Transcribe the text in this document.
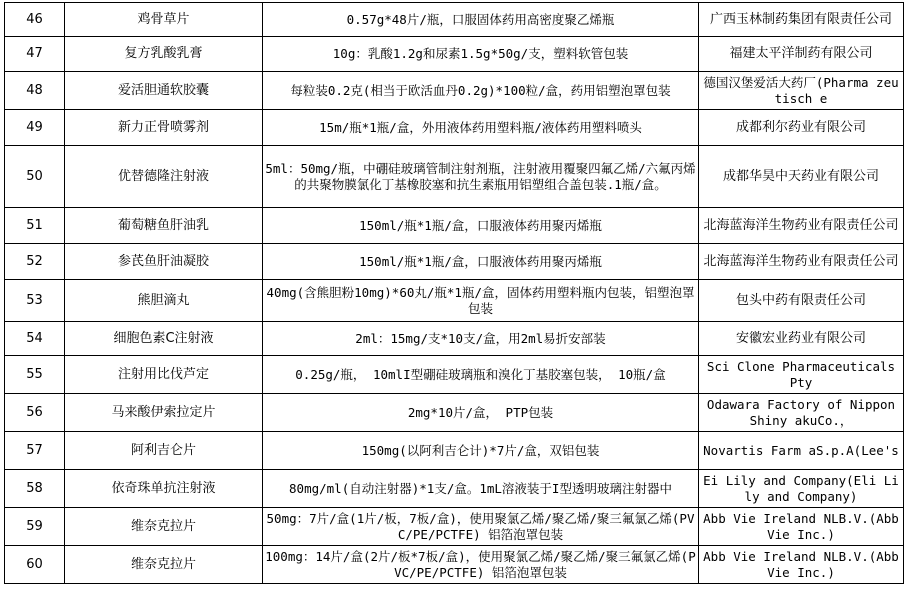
46	鸡骨草片	0.57g*48片/瓶，口服固体药用高密度聚乙烯瓶	广西玉林制药集团有限责任公司
47	复方乳酸乳膏	10g：乳酸1.2g和尿素1.5g*50g/支，塑料软管包装	福建太平洋制药有限公司
48	爱活胆通软胶囊	每粒装0.2克(相当于欧活血丹0.2g)*100粒/盒，药用铝塑泡罩包装	德国汉堡爱活大药厂(Pharma zeu tisch e
49	新力正骨喷雾剂	15m/瓶*1瓶/盒，外用液体药用塑料瓶/液体药用塑料喷头	成都利尔药业有限公司
50	优替德隆注射液	5ml：50mg/瓶，中硼硅玻璃管制注射剂瓶，注射液用覆聚四氟乙烯/六氟丙烯的共聚物膜氯化丁基橡胶塞和抗生素瓶用铝塑组合盖包装.1瓶/盒。	成都华昊中天药业有限公司
51	葡萄糖鱼肝油乳	150ml/瓶*1瓶/盒，口服液体药用聚丙烯瓶	北海蓝海洋生物药业有限责任公司
52	参芪鱼肝油凝胶	150ml/瓶*1瓶/盒，口服液体药用聚丙烯瓶	北海蓝海洋生物药业有限责任公司
53	熊胆滴丸	40mg(含熊胆粉10mg)*60丸/瓶*1瓶/盒，固体药用塑料瓶内包装，铝塑泡罩包装	包头中药有限责任公司
54	细胞色素C注射液	2ml：15mg/支*10支/盒，用2ml易折安部装	安徽宏业药业有限公司
55	注射用比伐芦定	0.25g/瓶， 10mlI型硼硅玻璃瓶和溴化丁基胶塞包装， 10瓶/盒	Sci Clone Pharmaceuticals Pty
56	马来酸伊索拉定片	2mg*10片/盒， PTP包装	Odawara Factory of Nippon Shiny akuCo.，
57	阿利吉仑片	150mg(以阿利吉仑计)*7片/盒，双铝包装	Novartis Farm aS.p.A(Lee's
58	依奇珠单抗注射液	80mg/ml(自动注射器)*1支/盒。1mL溶液装于I型透明玻璃注射器中	Ei Lily and Company(Eli Lily and Company)
59	维奈克拉片	50mg：7片/盒(1片/板，7板/盒)，使用聚氯乙烯/聚乙烯/聚三氟氯乙烯(PVC/PE/PCTFE) 铝箔泡罩包装	Abb Vie Ireland NLB.V.(Abb Vie Inc.)
60	维奈克拉片	100mg：14片/盒(2片/板*7板/盒)，使用聚氯乙烯/聚乙烯/聚三氟氯乙烯(PVC/PE/PCTFE) 铝箔泡罩包装	Abb Vie Ireland NLB.V.(Abb Vie Inc.)
